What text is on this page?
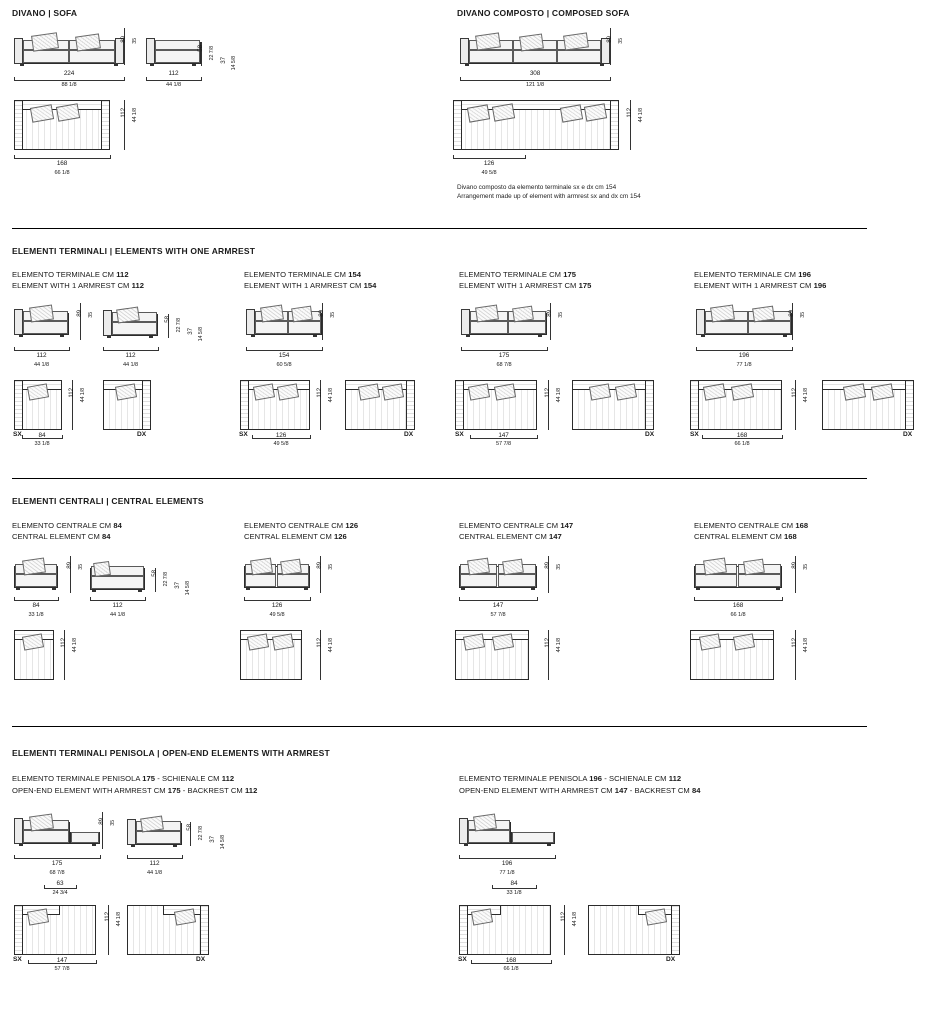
DIVANO | SOFA
224
88 1/8
89 35
112
44 1/8
58 22 7/8 37 14 5/8
168
66 1/8
112 44 1/8
DIVANO COMPOSTO | COMPOSED SOFA
308
121 1/8
89 35
126
49 5/8
112 44 1/8
Divano composto da elemento terminale sx e dx cm 154
Arrangement made up of element with armrest sx and dx cm 154
ELEMENTI TERMINALI | ELEMENTS WITH ONE ARMREST
ELEMENTO TERMINALE CM 112
ELEMENT WITH 1 ARMREST CM 112
112
44 1/8
89 35
112
44 1/8
58 22 7/8 37 14 5/8
112 44 1/8
SX	DX
84
33 1/8
ELEMENTO TERMINALE CM 154
ELEMENT WITH 1 ARMREST CM 154
154
60 5/8
89 35
112 44 1/8
SX	DX
126
49 5/8
ELEMENTO TERMINALE CM 175
ELEMENT WITH 1 ARMREST CM 175
175
68 7/8
89 35
112 44 1/8
SX	DX
147
57 7/8
ELEMENTO TERMINALE CM 196
ELEMENT WITH 1 ARMREST CM 196
196
77 1/8
89 35
112 44 1/8
SX	DX
168
66 1/8
ELEMENTI CENTRALI | CENTRAL ELEMENTS
ELEMENTO CENTRALE CM 84
CENTRAL ELEMENT CM 84
84
33 1/8
89 35
112
44 1/8
58 22 7/8 37 14 5/8
112 44 1/8
ELEMENTO CENTRALE CM 126
CENTRAL ELEMENT CM 126
126
49 5/8
89 35
112 44 1/8
ELEMENTO CENTRALE CM 147
CENTRAL ELEMENT CM 147
147
57 7/8
89 35
112 44 1/8
ELEMENTO CENTRALE CM 168
CENTRAL ELEMENT CM 168
168
66 1/8
89 35
112 44 1/8
ELEMENTI TERMINALI PENISOLA | OPEN-END ELEMENTS WITH ARMREST
ELEMENTO TERMINALE PENISOLA 175 - SCHIENALE CM 112
OPEN-END ELEMENT WITH ARMREST CM 175 - BACKREST CM 112
175
68 7/8
89 35
112
44 1/8
58 22 7/8 37 14 5/8
63
24 3/4
112 44 1/8
SX	DX
147
57 7/8
ELEMENTO TERMINALE PENISOLA 196 - SCHIENALE CM 112
OPEN-END ELEMENT WITH ARMREST CM 147 - BACKREST CM 84
196
77 1/8
84
33 1/8
112 44 1/8
SX	DX
168
66 1/8
